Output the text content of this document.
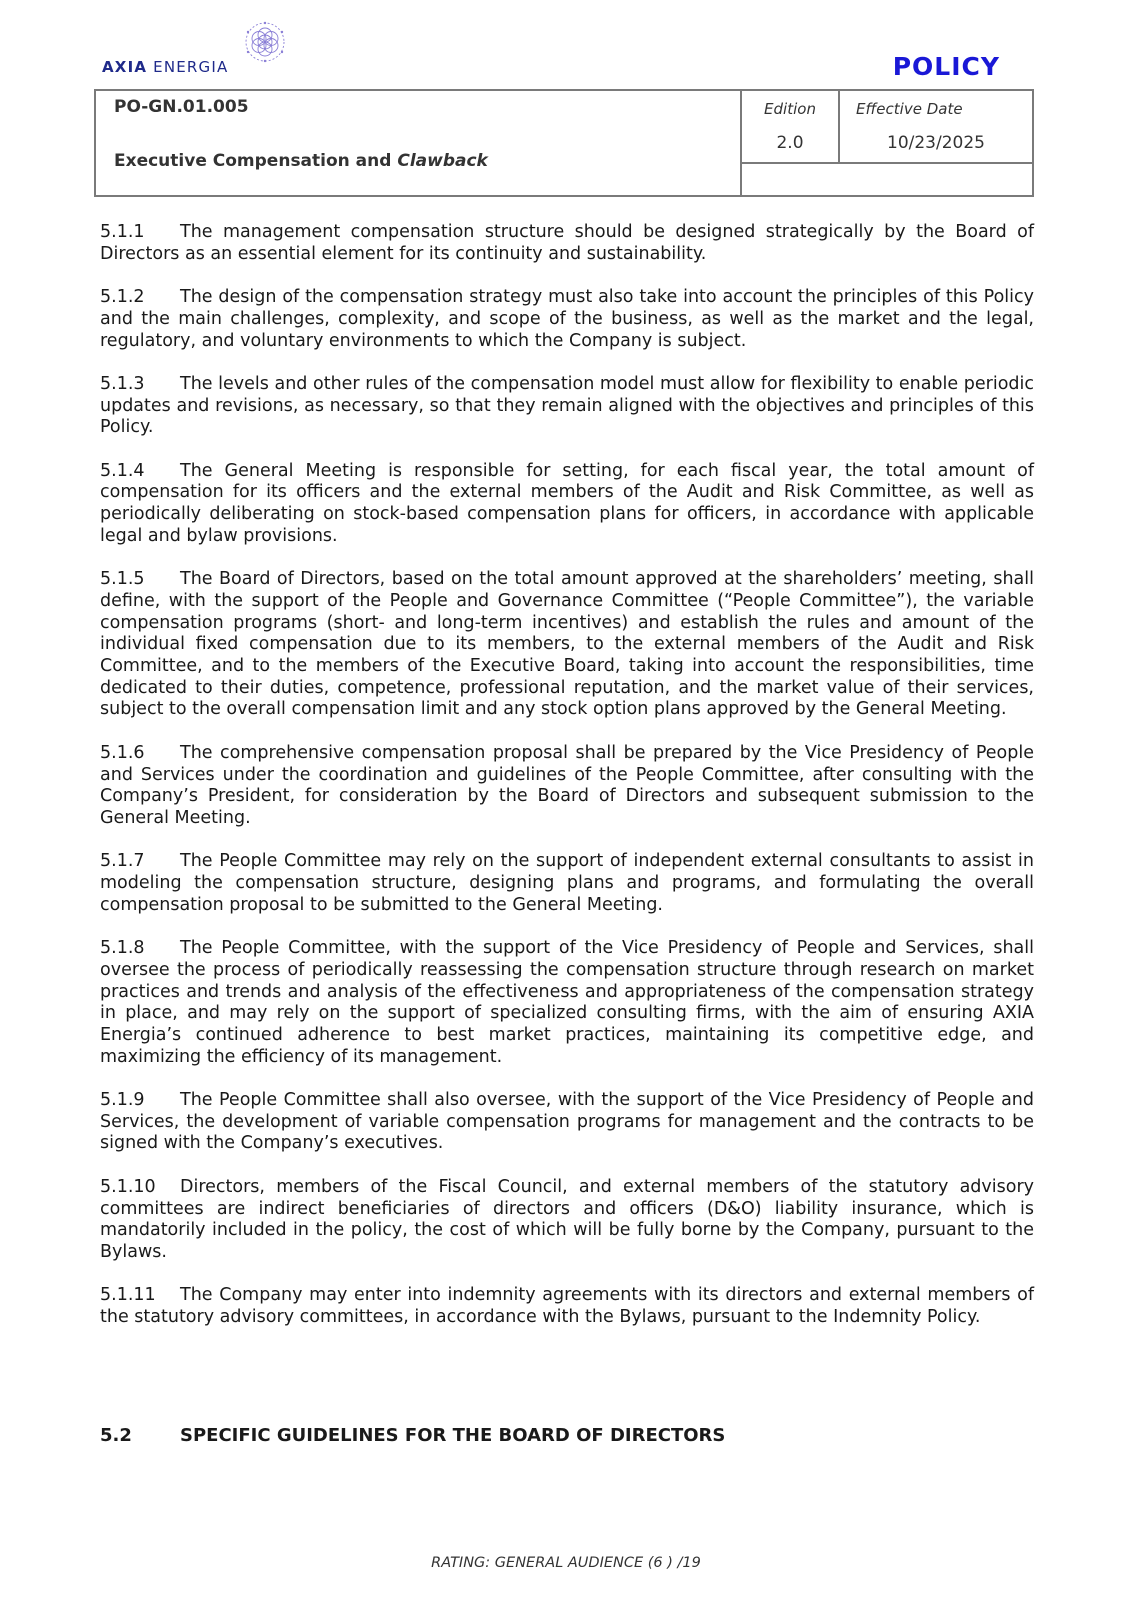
AXIA ENERGIA	POLICY
PO-GN.01.005
Executive Compensation and Clawback
Edition
2.0
Effective Date
10/23/2025

5.1.1 The management compensation structure should be designed strategically by the Board of Directors as an essential element for its continuity and sustainability.

5.1.2 The design of the compensation strategy must also take into account the principles of this Policy and the main challenges, complexity, and scope of the business, as well as the market and the legal, regulatory, and voluntary environments to which the Company is subject.

5.1.3 The levels and other rules of the compensation model must allow for flexibility to enable periodic updates and revisions, as necessary, so that they remain aligned with the objectives and principles of this Policy.

5.1.4 The General Meeting is responsible for setting, for each fiscal year, the total amount of compensation for its officers and the external members of the Audit and Risk Committee, as well as periodically deliberating on stock-based compensation plans for officers, in accordance with applicable legal and bylaw provisions.

5.1.5 The Board of Directors, based on the total amount approved at the shareholders’ meeting, shall define, with the support of the People and Governance Committee (“People Committee”), the variable compensation programs (short- and long-term incentives) and establish the rules and amount of the individual fixed compensation due to its members, to the external members of the Audit and Risk Committee, and to the members of the Executive Board, taking into account the responsibilities, time dedicated to their duties, competence, professional reputation, and the market value of their services, subject to the overall compensation limit and any stock option plans approved by the General Meeting.

5.1.6 The comprehensive compensation proposal shall be prepared by the Vice Presidency of People and Services under the coordination and guidelines of the People Committee, after consulting with the Company’s President, for consideration by the Board of Directors and subsequent submission to the General Meeting.

5.1.7 The People Committee may rely on the support of independent external consultants to assist in modeling the compensation structure, designing plans and programs, and formulating the overall compensation proposal to be submitted to the General Meeting.

5.1.8 The People Committee, with the support of the Vice Presidency of People and Services, shall oversee the process of periodically reassessing the compensation structure through research on market practices and trends and analysis of the effectiveness and appropriateness of the compensation strategy in place, and may rely on the support of specialized consulting firms, with the aim of ensuring AXIA Energia’s continued adherence to best market practices, maintaining its competitive edge, and maximizing the efficiency of its management.

5.1.9 The People Committee shall also oversee, with the support of the Vice Presidency of People and Services, the development of variable compensation programs for management and the contracts to be signed with the Company’s executives.

5.1.10 Directors, members of the Fiscal Council, and external members of the statutory advisory committees are indirect beneficiaries of directors and officers (D&O) liability insurance, which is mandatorily included in the policy, the cost of which will be fully borne by the Company, pursuant to the Bylaws.

5.1.11 The Company may enter into indemnity agreements with its directors and external members of the statutory advisory committees, in accordance with the Bylaws, pursuant to the Indemnity Policy.

5.2	SPECIFIC GUIDELINES FOR THE BOARD OF DIRECTORS
RATING: GENERAL AUDIENCE (6 ) /19
